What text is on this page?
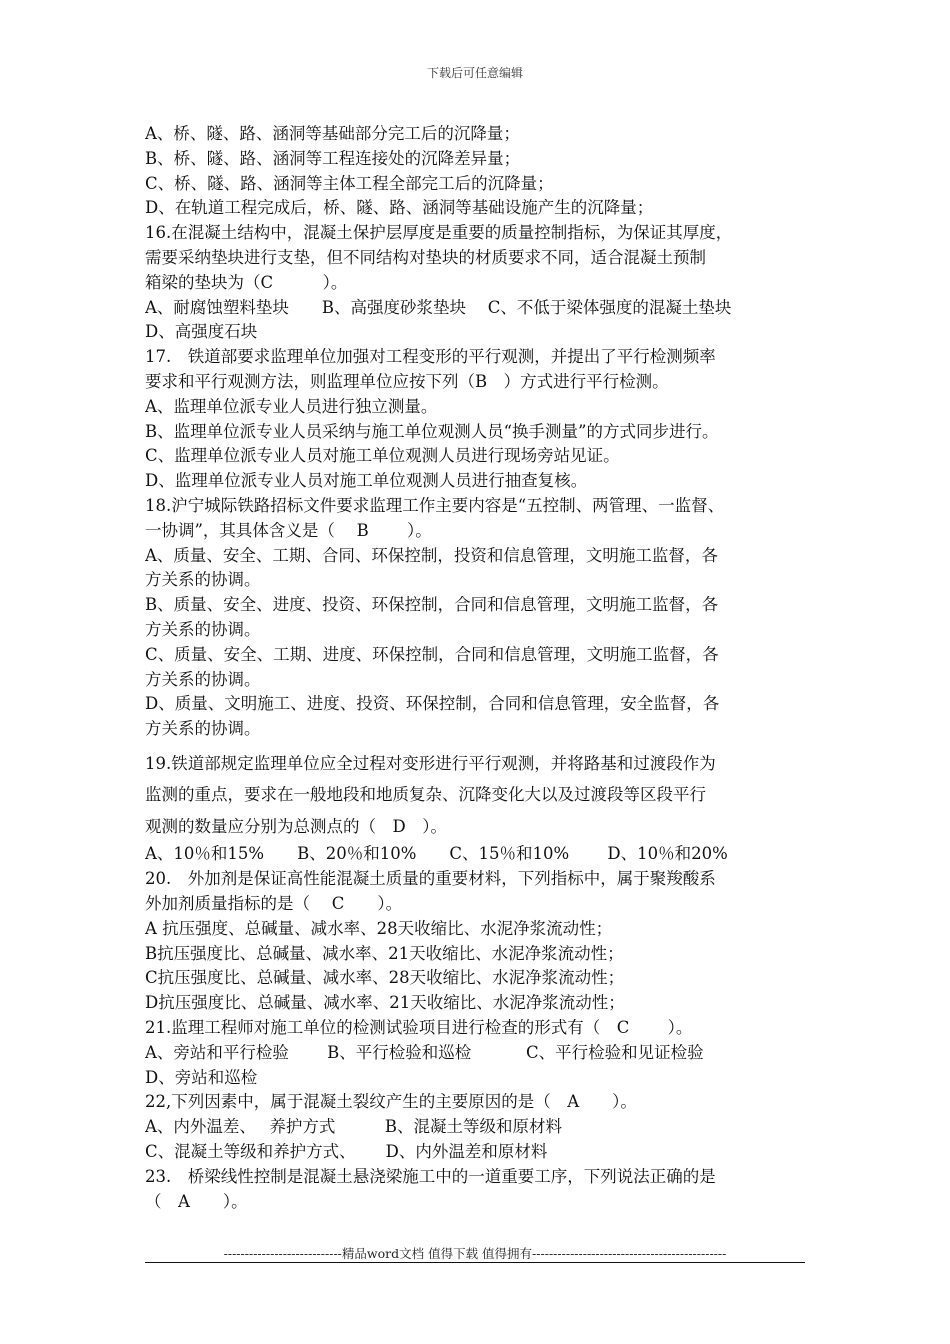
下载后可任意编辑
A、桥、隧、路、涵洞等基础部分完工后的沉降量；
B、桥、隧、路、涵洞等工程连接处的沉降差异量；
C、桥、隧、路、涵洞等主体工程全部完工后的沉降量；
D、在轨道工程完成后，桥、隧、路、涵洞等基础设施产生的沉降量；
16.在混凝土结构中，混凝土保护层厚度是重要的质量控制指标，为保证其厚度，
需要采纳垫块进行支垫，但不同结构对垫块的材质要求不同，适合混凝土预制
箱梁的垫块为（C　　　）。
A、耐腐蚀塑料垫块　　B、高强度砂浆垫块　 C、不低于梁体强度的混凝土垫块
D、高强度石块
17.　铁道部要求监理单位加强对工程变形的平行观测，并提出了平行检测频率
要求和平行观测方法，则监理单位应按下列（B　）方式进行平行检测。
A、监理单位派专业人员进行独立测量。
B、监理单位派专业人员采纳与施工单位观测人员“换手测量”的方式同步进行。
C、监理单位派专业人员对施工单位观测人员进行现场旁站见证。
D、监理单位派专业人员对施工单位观测人员进行抽查复核。
18.沪宁城际铁路招标文件要求监理工作主要内容是“五控制、两管理、一监督、
一协调”，其具体含义是（　 B　　 ）。
A、质量、安全、工期、合同、环保控制，投资和信息管理，文明施工监督，各
方关系的协调。
B、质量、安全、进度、投资、环保控制，合同和信息管理，文明施工监督，各
方关系的协调。
C、质量、安全、工期、进度、环保控制，合同和信息管理，文明施工监督，各
方关系的协调。
D、质量、文明施工、进度、投资、环保控制，合同和信息管理，安全监督，各
方关系的协调。
19.铁道部规定监理单位应全过程对变形进行平行观测，并将路基和过渡段作为
监测的重点，要求在一般地段和地质复杂、沉降变化大以及过渡段等区段平行
观测的数量应分别为总测点的（　D　）。
A、10％和15%　　B、20％和10%　　C、15％和10%　　 D、10％和20%
20.　外加剂是保证高性能混凝土质量的重要材料，下列指标中，属于聚羧酸系
外加剂质量指标的是（　 C　　）。
A 抗压强度、总碱量、减水率、28天收缩比、水泥净浆流动性；
B抗压强度比、总碱量、减水率、21天收缩比、水泥净浆流动性；
C抗压强度比、总碱量、减水率、28天收缩比、水泥净浆流动性；
D抗压强度比、总碱量、减水率、21天收缩比、水泥净浆流动性；
21.监理工程师对施工单位的检测试验项目进行检查的形式有（　C　　 ）。
A、旁站和平行检验　　 B、平行检验和巡检　　　 C、平行检验和见证检验
D、旁站和巡检
22,下列因素中，属于混凝土裂纹产生的主要原因的是（　A　　）。
A、内外温差、　 养护方式　　　B、混凝土等级和原材料
C、混凝土等级和养护方式、　　 D、内外温差和原材料
23.　桥梁线性控制是混凝土悬浇梁施工中的一道重要工序，下列说法正确的是
（　A　　）。
----------------------------精品word文档 值得下载 值得拥有----------------------------------------------
